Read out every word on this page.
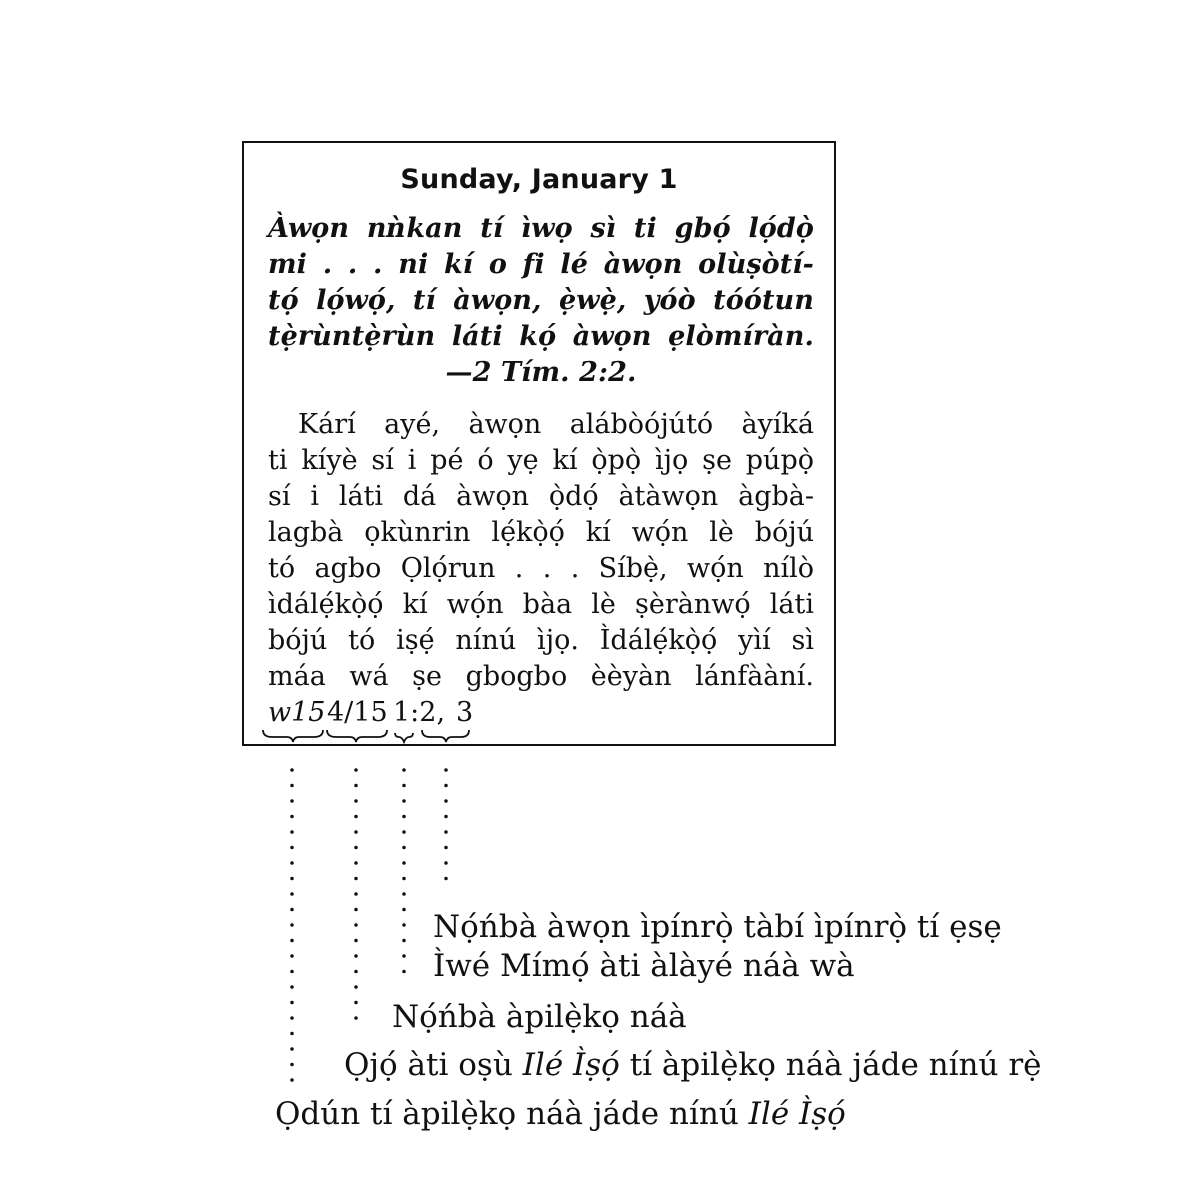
Sunday, January 1
Àwọn nǹkan tí ìwọ sì ti gbọ́ lọ́dọ̀
mi . . . ni kí o fi lé àwọn olùṣòtí-
tọ́ lọ́wọ́, tí àwọn, ẹ̀wẹ̀, yóò tóótun
tẹ̀rùntẹ̀rùn láti kọ́ àwọn ẹlòmíràn.
—2 Tím. 2:2.
Kárí ayé, àwọn alábòójútó àyíká
ti kíyè sí i pé ó yẹ kí ọ̀pọ̀ ìjọ ṣe púpọ̀
sí i láti dá àwọn ọ̀dọ́ àtàwọn àgbà-
lagbà ọkùnrin lẹ́kọ̀ọ́ kí wọ́n lè bójú
tó agbo Ọlọ́run . . . Síbẹ̀, wọ́n nílò
ìdálẹ́kọ̀ọ́ kí wọ́n bàa lè ṣèrànwọ́ láti
bójú tó iṣẹ́ nínú ìjọ. Ìdálẹ́kọ̀ọ́ yìí sì
máa wá ṣe gbogbo èèyàn lánfààní.
w15 4/15 1:2, 3
Nọ́ńbà àwọn ìpínrọ̀ tàbí ìpínrọ̀ tí ẹsẹ
Ìwé Mímọ́ àti àlàyé náà wà
Nọ́ńbà àpilẹ̀kọ náà
Ọjọ́ àti oṣù Ilé Ìṣọ́ tí àpilẹ̀kọ náà jáde nínú rẹ̀
Ọdún tí àpilẹ̀kọ náà jáde nínú Ilé Ìṣọ́
